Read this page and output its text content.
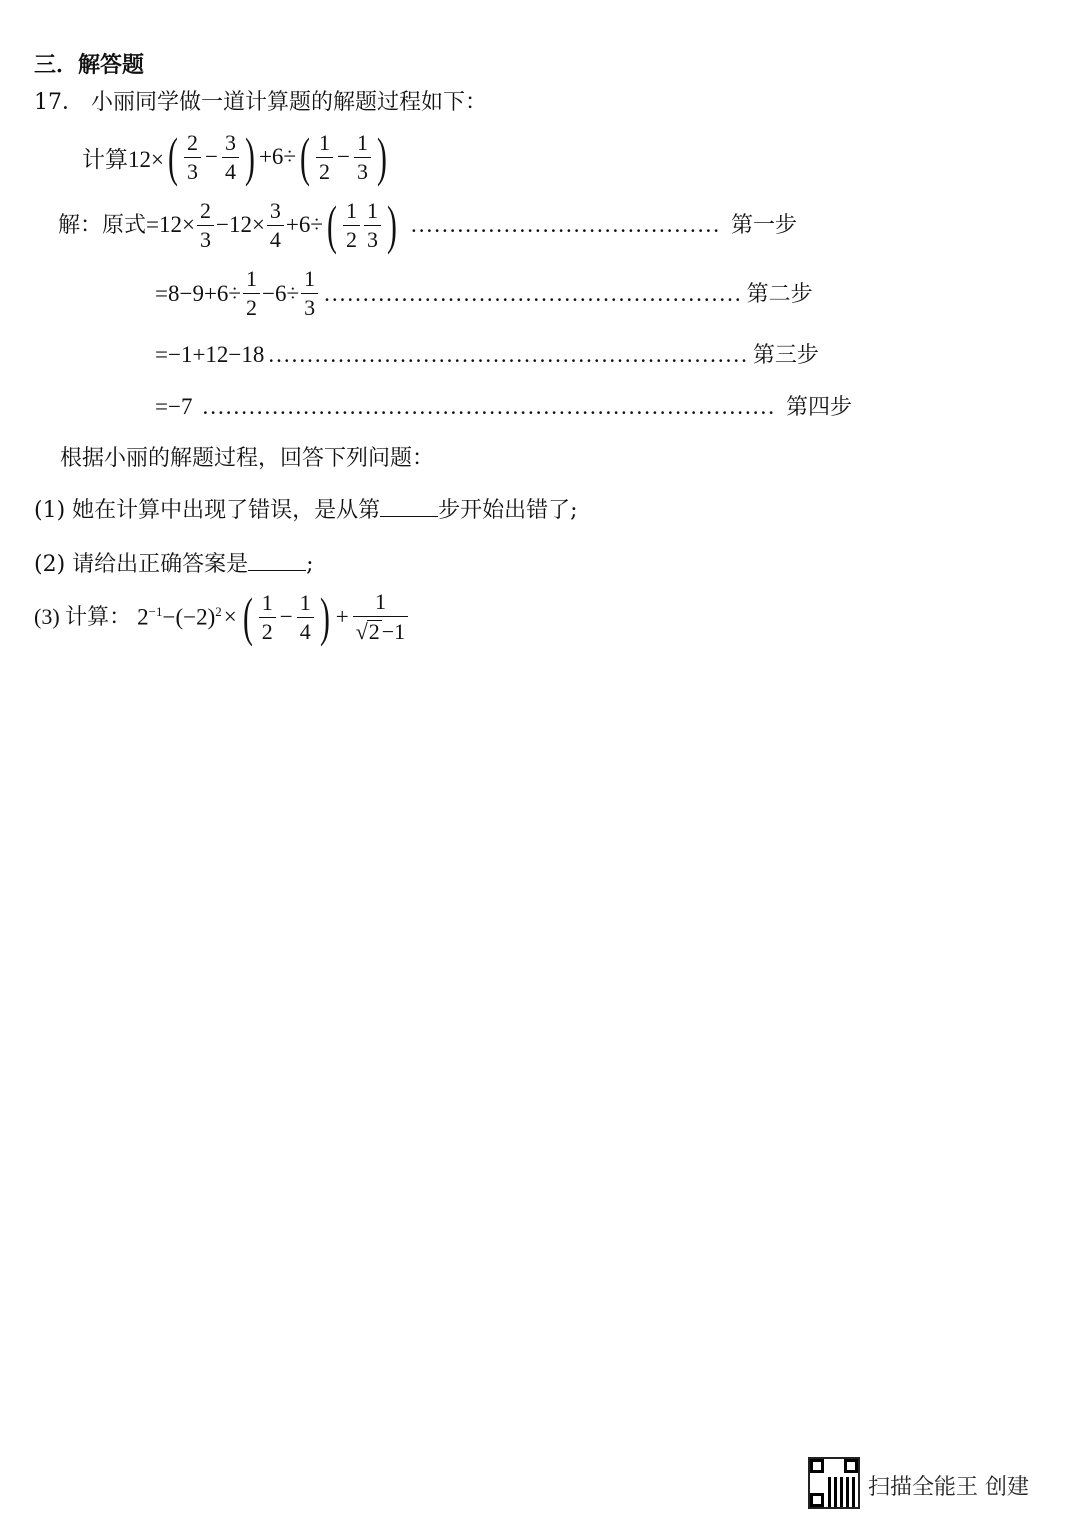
三．解答题
17． 小丽同学做一道计算题的解题过程如下：
计算12× ( $\frac{2}{3} - \frac{3}{4}$ ) +6÷ ( $\frac{1}{2} - \frac{1}{3}$ )
解：原式 $=12\times \frac{2}{3} -12\times \frac{3}{4} +6\div$ ( $\frac{1}{2} \frac{1}{3}$ ) ........................................ 第一步
$=8-9+6\div \frac{1}{2} -6\div \frac{1}{3}$ ...................................................... 第二步
=−1+12−18 .............................................................. 第三步
=−7 .......................................................................... 第四步
根据小丽的解题过程，回答下列问题：
(1) 她在计算中出现了错误，是从第	步开始出错了;
(2) 请给出正确答案是	;
(3) 计算： $2^{-1} -(-2)^2$ × ( $\frac{1}{2} - \frac{1}{4}$ ) + $\frac{1}{√ 2 -1}$
扫描全能王 创建
